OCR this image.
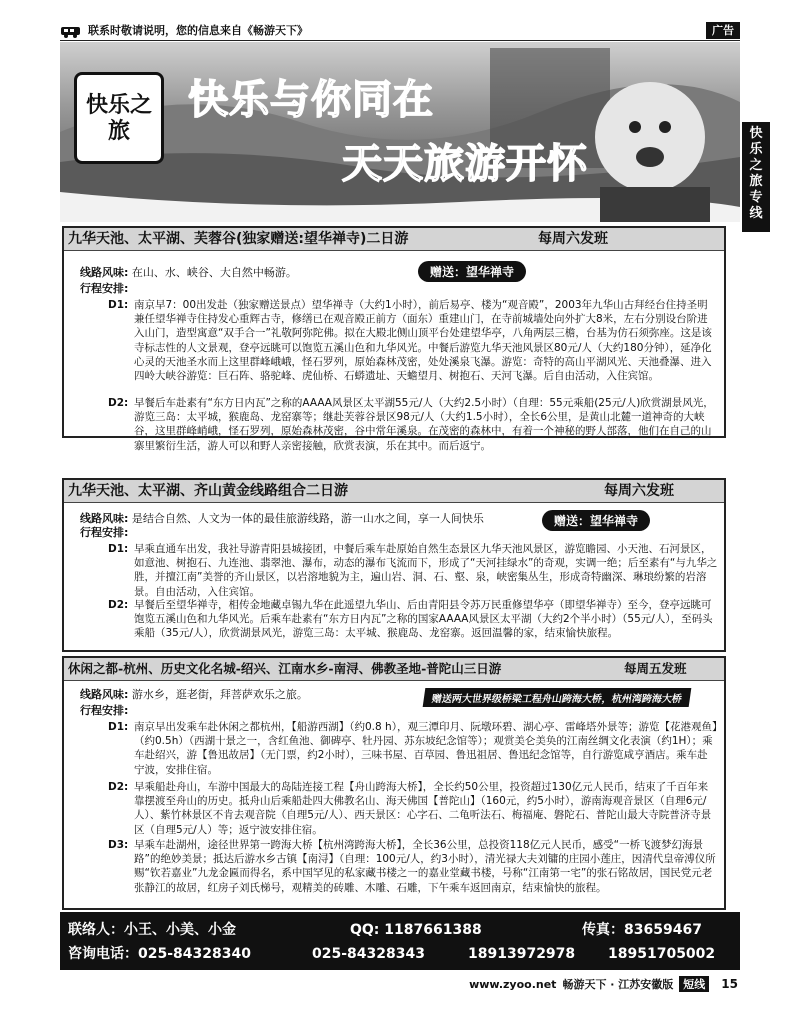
联系时敬请说明，您的信息来自《畅游天下》	广告
快乐之旅
快乐与你同在
天天旅游开怀
快乐之旅专线
九华天池、太平湖、芙蓉谷(独家赠送:望华禅寺)二日游	每周六发班
线路风味: 在山、水、峡谷、大自然中畅游。	赠送：望华禅寺
行程安排:
D1: 南京早7：00出发赴（独家赠送景点）望华禅寺（大约1小时），前后易亭、楼为“观音殿”，2003年九华山古拜经台住持圣明兼任望华禅寺住持发心重辉古寺，修缮已在观音殿正前方（面东）重建山门，在寺前城墙处向外扩大8米，左右分别设台阶进入山门，造型寓意“双手合一”礼敬阿弥陀佛。拟在大殿北侧山顶平台处建望华亭，八角两层三檐，台基为仿石须弥座。这是该寺标志性的人文景观，登亭远眺可以饱览五溪山色和九华风光。中餐后游览九华天池风景区80元/人（大约180分钟），延净化心灵的天池圣水而上这里群峰峨峨，怪石罗列，原始森林茂密，处处溪泉飞瀑。游览：奇特的高山平湖风光、天池叠瀑、进入四岭大峡谷游览：巨石阵、骆驼峰、虎仙桥、石蟒遗址、天蟾望月、树抱石、天河飞瀑。后自由活动，入住宾馆。
D2: 早餐后车赴素有“东方日内瓦”之称的AAAA风景区太平湖55元/人（大约2.5小时）（自理：55元乘船(25元/人)欣赏湖景风光，游览三岛：太平城，猴鹿岛、龙窑寨等；继赴芙蓉谷景区98元/人（大约1.5小时），全长6公里，是黄山北麓一道神奇的大峡谷，这里群峰峭峨，怪石罗列，原始森林茂密，谷中常年溪泉。在茂密的森林中，有着一个神秘的野人部落，他们在自己的山寨里繁衍生活，游人可以和野人亲密接触，欣赏表演，乐在其中。而后返宁。
九华天池、太平湖、齐山黄金线路组合二日游	每周六发班
线路风味: 是结合自然、人文为一体的最佳旅游线路，游一山水之间，享一人间快乐	赠送：望华禅寺
行程安排:
D1: 早乘直通车出发，我社导游青阳县城接团，中餐后乘车赴原始自然生态景区九华天池风景区，游览瞻园、小天池、石河景区，如意池、树抱石、九连池、翡翠池、瀑布，动态的瀑布飞流而下，形成了“天河挂绿水”的奇观，实调一绝；后至素有“与九华之胜，并擅江南”美誉的齐山景区，以岩溶地貌为主，遍山岩、洞、石、壑、泉，峡密集丛生，形成奇特幽深、琳琅纷繁的岩溶景。自由活动，入住宾馆。
D2: 早餐后至望华禅寺，相传金地藏卓锡九华在此遥望九华山、后由青阳县令苏万民重修望华亭（即望华禅寺）至今，登亭远眺可饱览五溪山色和九华风光。后乘车赴素有“东方日内瓦”之称的国家AAAA风景区太平湖（大约2个半小时）（55元/人），至码头乘船（35元/人），欣赏湖景风光，游览三岛：太平城、猴鹿岛、龙窑寨。返回温馨的家，结束愉快旅程。
休闲之都-杭州、历史文化名城-绍兴、江南水乡-南浔、佛教圣地-普陀山三日游	每周五发班
线路风味: 游水乡，逛老街，拜菩萨欢乐之旅。	赠送两大世界级桥梁工程舟山跨海大桥，杭州湾跨海大桥
行程安排:
D1: 南京早出发乘车赴休闲之都杭州，【船游西湖】（约0.8 h），观三潭印月、阮墩环碧、湖心亭、雷峰塔外景等；游览【花港观鱼】（约0.5h）（西湖十景之一，含红鱼池、御碑亭、牡丹园、苏东坡纪念馆等）；观赏美仑美奂的江南丝绸文化表演（约1H）；乘车赴绍兴，游【鲁迅故居】（无门票，约2小时），三味书屋、百草园、鲁迅祖居、鲁迅纪念馆等，自行游览咸亨酒店。乘车赴宁波，安排住宿。
D2: 早乘船赴舟山，车游中国最大的岛陆连接工程【舟山跨海大桥】，全长约50公里，投资超过130亿元人民币，结束了千百年来靠摆渡至舟山的历史。抵舟山后乘船赴四大佛教名山、海天佛国【普陀山】（160元，约5小时），游南海观音景区（自理6元/人）、紫竹林景区不肯去观音院（自理5元/人）、西天景区：心字石、二龟听法石、梅福庵、磐陀石、普陀山最大寺院普济寺景区（自理5元/人）等；返宁波安排住宿。
D3: 早乘车赴湖州，途径世界第一跨海大桥【杭州湾跨海大桥】，全长36公里，总投资118亿元人民币，感受“一桥飞渡梦幻海景路”的绝妙美景；抵达后游水乡古镇【南浔】（自理：100元/人，约3小时），清光禄大夫刘镛的庄园小莲庄，因清代皇帝溥仪所赐“钦若嘉业”九龙金匾而得名，系中国罕见的私家藏书楼之一的嘉业堂藏书楼，号称“江南第一宅”的张石铭故居，国民党元老张静江的故居，红房子刘氏梯号，观精美的砖雕、木雕、石雕，下午乘车返回南京，结束愉快的旅程。
联络人：小王、小美、小金	QQ: 1187661388	传真：83659467
咨询电话：025-84328340	025-84328343	18913972978 18951705002
www.zyoo.net 畅游天下 · 江苏安徽版 短线	15
